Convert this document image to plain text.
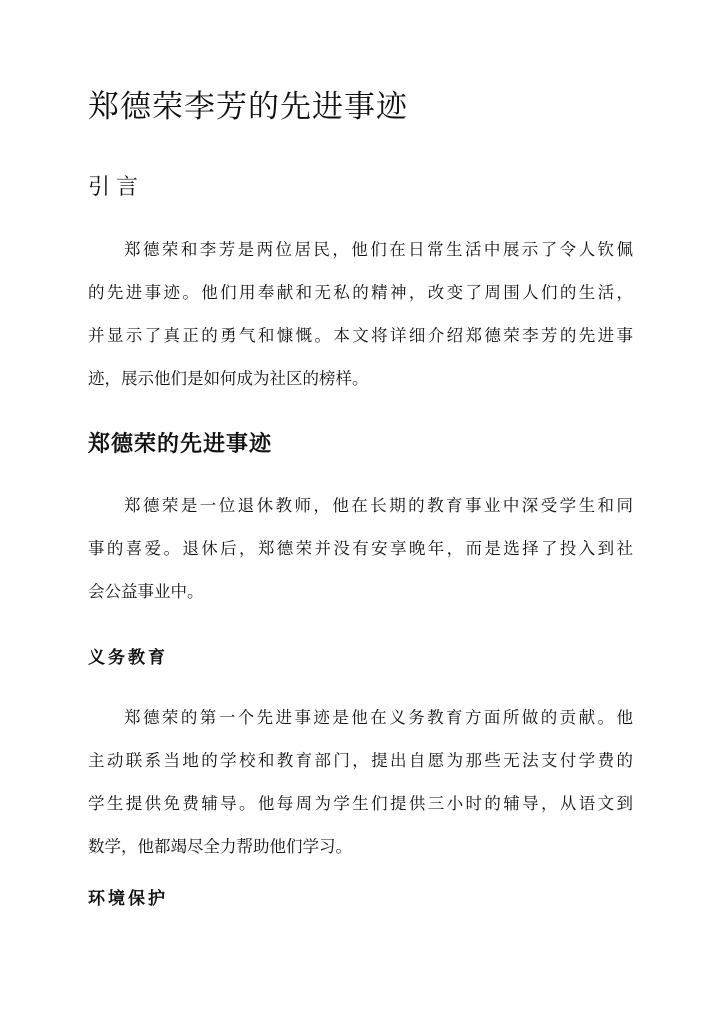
郑德荣李芳的先进事迹
引言
郑德荣和李芳是两位居民，他们在日常生活中展示了令人钦佩
的先进事迹。他们用奉献和无私的精神，改变了周围人们的生活，
并显示了真正的勇气和慷慨。本文将详细介绍郑德荣李芳的先进事
迹，展示他们是如何成为社区的榜样。
郑德荣的先进事迹
郑德荣是一位退休教师，他在长期的教育事业中深受学生和同
事的喜爱。退休后，郑德荣并没有安享晚年，而是选择了投入到社
会公益事业中。
义务教育
郑德荣的第一个先进事迹是他在义务教育方面所做的贡献。他
主动联系当地的学校和教育部门，提出自愿为那些无法支付学费的
学生提供免费辅导。他每周为学生们提供三小时的辅导，从语文到
数学，他都竭尽全力帮助他们学习。
环境保护
